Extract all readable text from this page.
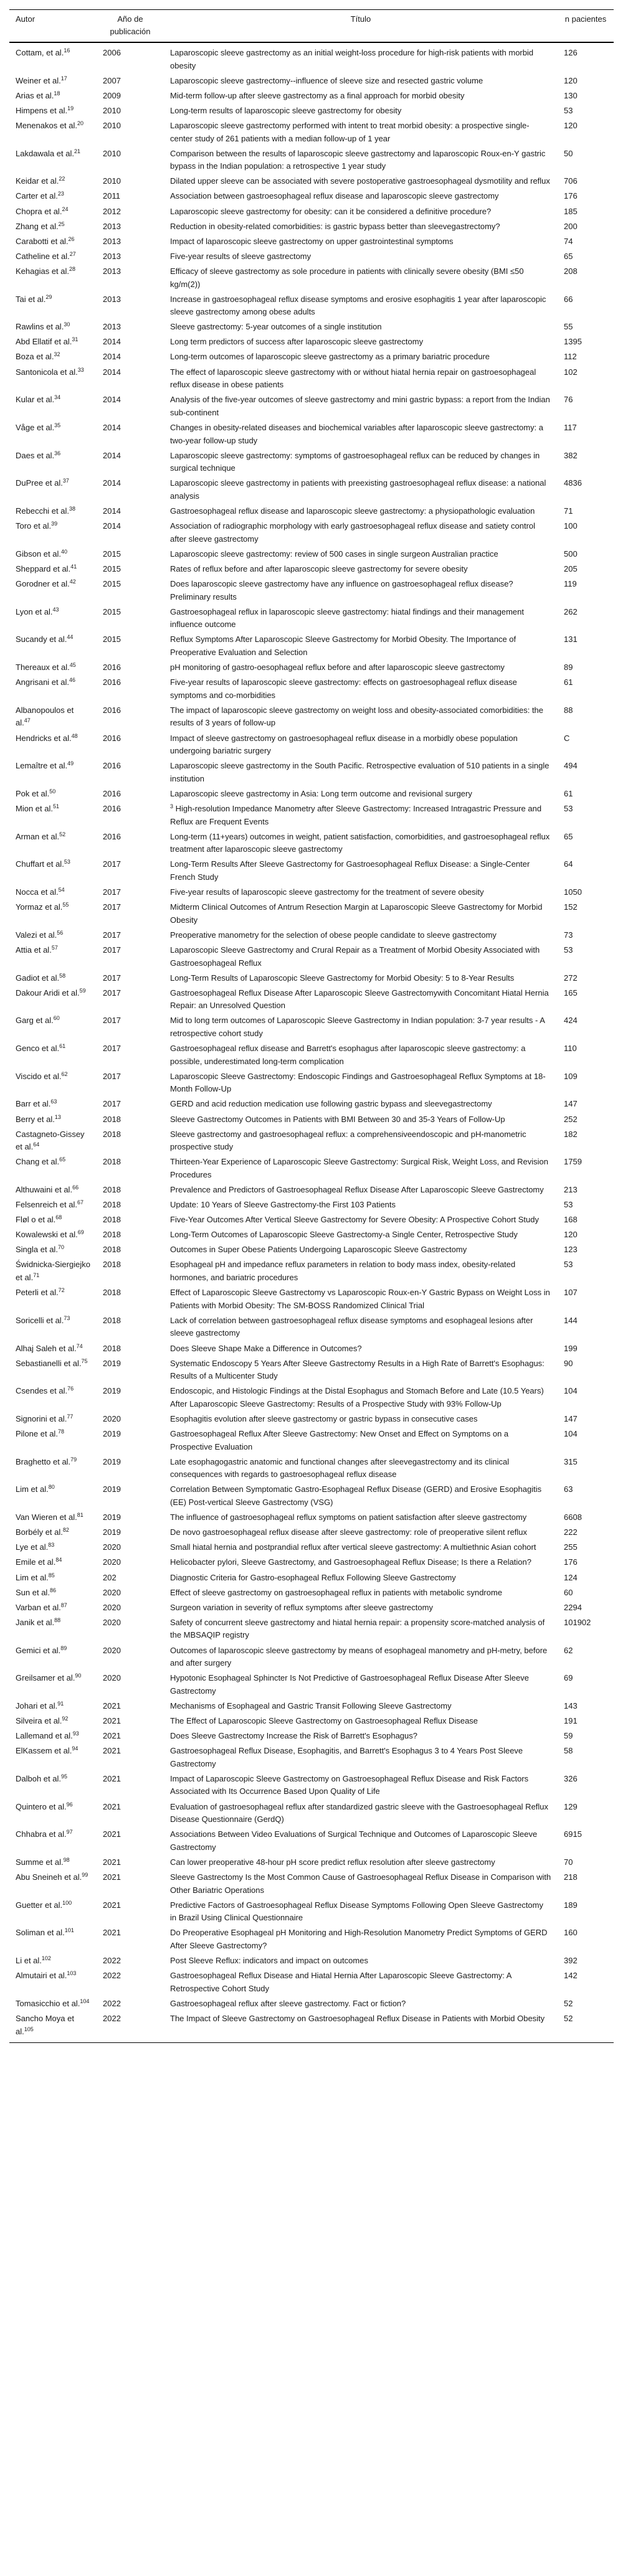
Autor	Año de publicación	Título	n pacientes
Cottam, et al.$^{16}$	2006	Laparoscopic sleeve gastrectomy as an initial weight-loss procedure for high-risk patients with morbid obesity	126
Weiner et al.$^{17}$	2007	Laparoscopic sleeve gastrectomy--influence of sleeve size and resected gastric volume	120
Arias et al.$^{18}$	2009	Mid-term follow-up after sleeve gastrectomy as a final approach for morbid obesity	130
Himpens et al.$^{19}$	2010	Long-term results of laparoscopic sleeve gastrectomy for obesity	53
Menenakos et al.$^{20}$	2010	Laparoscopic sleeve gastrectomy performed with intent to treat morbid obesity: a prospective single-center study of 261 patients with a median follow-up of 1 year	120
Lakdawala et al.$^{21}$	2010	Comparison between the results of laparoscopic sleeve gastrectomy and laparoscopic Roux-en-Y gastric bypass in the Indian population: a retrospective 1 year study	50
Keidar et al.$^{22}$	2010	Dilated upper sleeve can be associated with severe postoperative gastroesophageal dysmotility and reflux	706
Carter et al.$^{23}$	2011	Association between gastroesophageal reflux disease and laparoscopic sleeve gastrectomy	176
Chopra et al.$^{24}$	2012	Laparoscopic sleeve gastrectomy for obesity: can it be considered a definitive procedure?	185
Zhang et al.$^{25}$	2013	Reduction in obesity-related comorbidities: is gastric bypass better than sleevegastrectomy?	200
Carabotti et al.$^{26}$	2013	Impact of laparoscopic sleeve gastrectomy on upper gastrointestinal symptoms	74
Catheline et al.$^{27}$	2013	Five-year results of sleeve gastrectomy	65
Kehagias et al.$^{28}$	2013	Efficacy of sleeve gastrectomy as sole procedure in patients with clinically severe obesity (BMI ≤50 kg/m(2))	208
Tai et al.$^{29}$	2013	Increase in gastroesophageal reflux disease symptoms and erosive esophagitis 1 year after laparoscopic sleeve gastrectomy among obese adults	66
Rawlins et al.$^{30}$	2013	Sleeve gastrectomy: 5-year outcomes of a single institution	55
Abd Ellatif et al.$^{31}$	2014	Long term predictors of success after laparoscopic sleeve gastrectomy	1395
Boza et al.$^{32}$	2014	Long-term outcomes of laparoscopic sleeve gastrectomy as a primary bariatric procedure	112
Santonicola et al.$^{33}$	2014	The effect of laparoscopic sleeve gastrectomy with or without hiatal hernia repair on gastroesophageal reflux disease in obese patients	102
Kular et al.$^{34}$	2014	Analysis of the five-year outcomes of sleeve gastrectomy and mini gastric bypass: a report from the Indian sub-continent	76
Våge et al.$^{35}$	2014	Changes in obesity-related diseases and biochemical variables after laparoscopic sleeve gastrectomy: a two-year follow-up study	117
Daes et al.$^{36}$	2014	Laparoscopic sleeve gastrectomy: symptoms of gastroesophageal reflux can be reduced by changes in surgical technique	382
DuPree et al.$^{37}$	2014	Laparoscopic sleeve gastrectomy in patients with preexisting gastroesophageal reflux disease: a national analysis	4836
Rebecchi et al.$^{38}$	2014	Gastroesophageal reflux disease and laparoscopic sleeve gastrectomy: a physiopathologic evaluation	71
Toro et al.$^{39}$	2014	Association of radiographic morphology with early gastroesophageal reflux disease and satiety control after sleeve gastrectomy	100
Gibson et al.$^{40}$	2015	Laparoscopic sleeve gastrectomy: review of 500 cases in single surgeon Australian practice	500
Sheppard et al.$^{41}$	2015	Rates of reflux before and after laparoscopic sleeve gastrectomy for severe obesity	205
Gorodner et al.$^{42}$	2015	Does laparoscopic sleeve gastrectomy have any influence on gastroesophageal reflux disease? Preliminary results	119
Lyon et al.$^{43}$	2015	Gastroesophageal reflux in laparoscopic sleeve gastrectomy: hiatal findings and their management influence outcome	262
Sucandy et al.$^{44}$	2015	Reflux Symptoms After Laparoscopic Sleeve Gastrectomy for Morbid Obesity. The Importance of Preoperative Evaluation and Selection	131
Thereaux et al.$^{45}$	2016	pH monitoring of gastro-oesophageal reflux before and after laparoscopic sleeve gastrectomy	89
Angrisani et al.$^{46}$	2016	Five-year results of laparoscopic sleeve gastrectomy: effects on gastroesophageal reflux disease symptoms and co-morbidities	61
Albanopoulos et al.$^{47}$	2016	The impact of laparoscopic sleeve gastrectomy on weight loss and obesity-associated comorbidities: the results of 3 years of follow-up	88
Hendricks et al.$^{48}$	2016	Impact of sleeve gastrectomy on gastroesophageal reflux disease in a morbidly obese population undergoing bariatric surgery	C
Lemaître et al.$^{49}$	2016	Laparoscopic sleeve gastrectomy in the South Pacific. Retrospective evaluation of 510 patients in a single institution	494
Pok et al.$^{50}$	2016	Laparoscopic sleeve gastrectomy in Asia: Long term outcome and revisional surgery	61
Mion et al.$^{51}$	2016	$^3$ High-resolution Impedance Manometry after Sleeve Gastrectomy: Increased Intragastric Pressure and Reflux are Frequent Events	53
Arman et al.$^{52}$	2016	Long-term (11+years) outcomes in weight, patient satisfaction, comorbidities, and gastroesophageal reflux treatment after laparoscopic sleeve gastrectomy	65
Chuffart et al.$^{53}$	2017	Long-Term Results After Sleeve Gastrectomy for Gastroesophageal Reflux Disease: a Single-Center French Study	64
Nocca et al.$^{54}$	2017	Five-year results of laparoscopic sleeve gastrectomy for the treatment of severe obesity	1050
Yormaz et al.$^{55}$	2017	Midterm Clinical Outcomes of Antrum Resection Margin at Laparoscopic Sleeve Gastrectomy for Morbid Obesity	152
Valezi et al.$^{56}$	2017	Preoperative manometry for the selection of obese people candidate to sleeve gastrectomy	73
Attia et al.$^{57}$	2017	Laparoscopic Sleeve Gastrectomy and Crural Repair as a Treatment of Morbid Obesity Associated with Gastroesophageal Reflux	53
Gadiot et al.$^{58}$	2017	Long-Term Results of Laparoscopic Sleeve Gastrectomy for Morbid Obesity: 5 to 8-Year Results	272
Dakour Aridi et al.$^{59}$	2017	Gastroesophageal Reflux Disease After Laparoscopic Sleeve Gastrectomywith Concomitant Hiatal Hernia Repair: an Unresolved Question	165
Garg et al.$^{60}$	2017	Mid to long term outcomes of Laparoscopic Sleeve Gastrectomy in Indian population: 3-7 year results - A retrospective cohort study	424
Genco et al.$^{61}$	2017	Gastroesophageal reflux disease and Barrett's esophagus after laparoscopic sleeve gastrectomy: a possible, underestimated long-term complication	110
Viscido et al.$^{62}$	2017	Laparoscopic Sleeve Gastrectomy: Endoscopic Findings and Gastroesophageal Reflux Symptoms at 18-Month Follow-Up	109
Barr et al.$^{63}$	2017	GERD and acid reduction medication use following gastric bypass and sleevegastrectomy	147
Berry et al.$^{13}$	2018	Sleeve Gastrectomy Outcomes in Patients with BMI Between 30 and 35-3 Years of Follow-Up	252
Castagneto-Gissey et al.$^{64}$	2018	Sleeve gastrectomy and gastroesophageal reflux: a comprehensiveendoscopic and pH-manometric prospective study	182
Chang et al.$^{65}$	2018	Thirteen-Year Experience of Laparoscopic Sleeve Gastrectomy: Surgical Risk, Weight Loss, and Revision Procedures	1759
Althuwaini et al.$^{66}$	2018	Prevalence and Predictors of Gastroesophageal Reflux Disease After Laparoscopic Sleeve Gastrectomy	213
Felsenreich et al.$^{67}$	2018	Update: 10 Years of Sleeve Gastrectomy-the First 103 Patients	53
Fløl o et al.$^{68}$	2018	Five-Year Outcomes After Vertical Sleeve Gastrectomy for Severe Obesity: A Prospective Cohort Study	168
Kowalewski et al.$^{69}$	2018	Long-Term Outcomes of Laparoscopic Sleeve Gastrectomy-a Single Center, Retrospective Study	120
Singla et al.$^{70}$	2018	Outcomes in Super Obese Patients Undergoing Laparoscopic Sleeve Gastrectomy	123
Świdnicka-Siergiejko et al.$^{71}$	2018	Esophageal pH and impedance reflux parameters in relation to body mass index, obesity-related hormones, and bariatric procedures	53
Peterli et al.$^{72}$	2018	Effect of Laparoscopic Sleeve Gastrectomy vs Laparoscopic Roux-en-Y Gastric Bypass on Weight Loss in Patients with Morbid Obesity: The SM-BOSS Randomized Clinical Trial	107
Soricelli et al.$^{73}$	2018	Lack of correlation between gastroesophageal reflux disease symptoms and esophageal lesions after sleeve gastrectomy	144
Alhaj Saleh et al.$^{74}$	2018	Does Sleeve Shape Make a Difference in Outcomes?	199
Sebastianelli et al.$^{75}$	2019	Systematic Endoscopy 5 Years After Sleeve Gastrectomy Results in a High Rate of Barrett's Esophagus: Results of a Multicenter Study	90
Csendes et al.$^{76}$	2019	Endoscopic, and Histologic Findings at the Distal Esophagus and Stomach Before and Late (10.5 Years) After Laparoscopic Sleeve Gastrectomy: Results of a Prospective Study with 93% Follow-Up	104
Signorini et al.$^{77}$	2020	Esophagitis evolution after sleeve gastrectomy or gastric bypass in consecutive cases	147
Pilone et al.$^{78}$	2019	Gastroesophageal Reflux After Sleeve Gastrectomy: New Onset and Effect on Symptoms on a Prospective Evaluation	104
Braghetto et al.$^{79}$	2019	Late esophagogastric anatomic and functional changes after sleevegastrectomy and its clinical consequences with regards to gastroesophageal reflux disease	315
Lim et al.$^{80}$	2019	Correlation Between Symptomatic Gastro-Esophageal Reflux Disease (GERD) and Erosive Esophagitis (EE) Post-vertical Sleeve Gastrectomy (VSG)	63
Van Wieren et al.$^{81}$	2019	The influence of gastroesophageal reflux symptoms on patient satisfaction after sleeve gastrectomy	6608
Borbély et al.$^{82}$	2019	De novo gastroesophageal reflux disease after sleeve gastrectomy: role of preoperative silent reflux	222
Lye et al.$^{83}$	2020	Small hiatal hernia and postprandial reflux after vertical sleeve gastrectomy: A multiethnic Asian cohort	255
Emile et al.$^{84}$	2020	Helicobacter pylori, Sleeve Gastrectomy, and Gastroesophageal Reflux Disease; Is there a Relation?	176
Lim et al.$^{85}$	202	Diagnostic Criteria for Gastro-esophageal Reflux Following Sleeve Gastrectomy	124
Sun et al.$^{86}$	2020	Effect of sleeve gastrectomy on gastroesophageal reflux in patients with metabolic syndrome	60
Varban et al.$^{87}$	2020	Surgeon variation in severity of reflux symptoms after sleeve gastrectomy	2294
Janik et al.$^{88}$	2020	Safety of concurrent sleeve gastrectomy and hiatal hernia repair: a propensity score-matched analysis of the MBSAQIP registry	101902
Gemici et al.$^{89}$	2020	Outcomes of laparoscopic sleeve gastrectomy by means of esophageal manometry and pH-metry, before and after surgery	62
Greilsamer et al.$^{90}$	2020	Hypotonic Esophageal Sphincter Is Not Predictive of Gastroesophageal Reflux Disease After Sleeve Gastrectomy	69
Johari et al.$^{91}$	2021	Mechanisms of Esophageal and Gastric Transit Following Sleeve Gastrectomy	143
Silveira et al.$^{92}$	2021	The Effect of Laparoscopic Sleeve Gastrectomy on Gastroesophageal Reflux Disease	191
Lallemand et al.$^{93}$	2021	Does Sleeve Gastrectomy Increase the Risk of Barrett's Esophagus?	59
ElKassem et al.$^{94}$	2021	Gastroesophageal Reflux Disease, Esophagitis, and Barrett's Esophagus 3 to 4 Years Post Sleeve Gastrectomy	58
Dalboh et al.$^{95}$	2021	Impact of Laparoscopic Sleeve Gastrectomy on Gastroesophageal Reflux Disease and Risk Factors Associated with Its Occurrence Based Upon Quality of Life	326
Quintero et al.$^{96}$	2021	Evaluation of gastroesophageal reflux after standardized gastric sleeve with the Gastroesophageal Reflux Disease Questionnaire (GerdQ)	129
Chhabra et al.$^{97}$	2021	Associations Between Video Evaluations of Surgical Technique and Outcomes of Laparoscopic Sleeve Gastrectomy	6915
Summe et al.$^{98}$	2021	Can lower preoperative 48-hour pH score predict reflux resolution after sleeve gastrectomy	70
Abu Sneineh et al.$^{99}$	2021	Sleeve Gastrectomy Is the Most Common Cause of Gastroesophageal Reflux Disease in Comparison with Other Bariatric Operations	218
Guetter et al.$^{100}$	2021	Predictive Factors of Gastroesophageal Reflux Disease Symptoms Following Open Sleeve Gastrectomy in Brazil Using Clinical Questionnaire	189
Soliman et al.$^{101}$	2021	Do Preoperative Esophageal pH Monitoring and High-Resolution Manometry Predict Symptoms of GERD After Sleeve Gastrectomy?	160
Li et al.$^{102}$	2022	Post Sleeve Reflux: indicators and impact on outcomes	392
Almutairi et al.$^{103}$	2022	Gastroesophageal Reflux Disease and Hiatal Hernia After Laparoscopic Sleeve Gastrectomy: A Retrospective Cohort Study	142
Tomasicchio et al.$^{104}$	2022	Gastroesophageal reflux after sleeve gastrectomy. Fact or fiction?	52
Sancho Moya et al.$^{105}$	2022	The Impact of Sleeve Gastrectomy on Gastroesophageal Reflux Disease in Patients with Morbid Obesity	52
